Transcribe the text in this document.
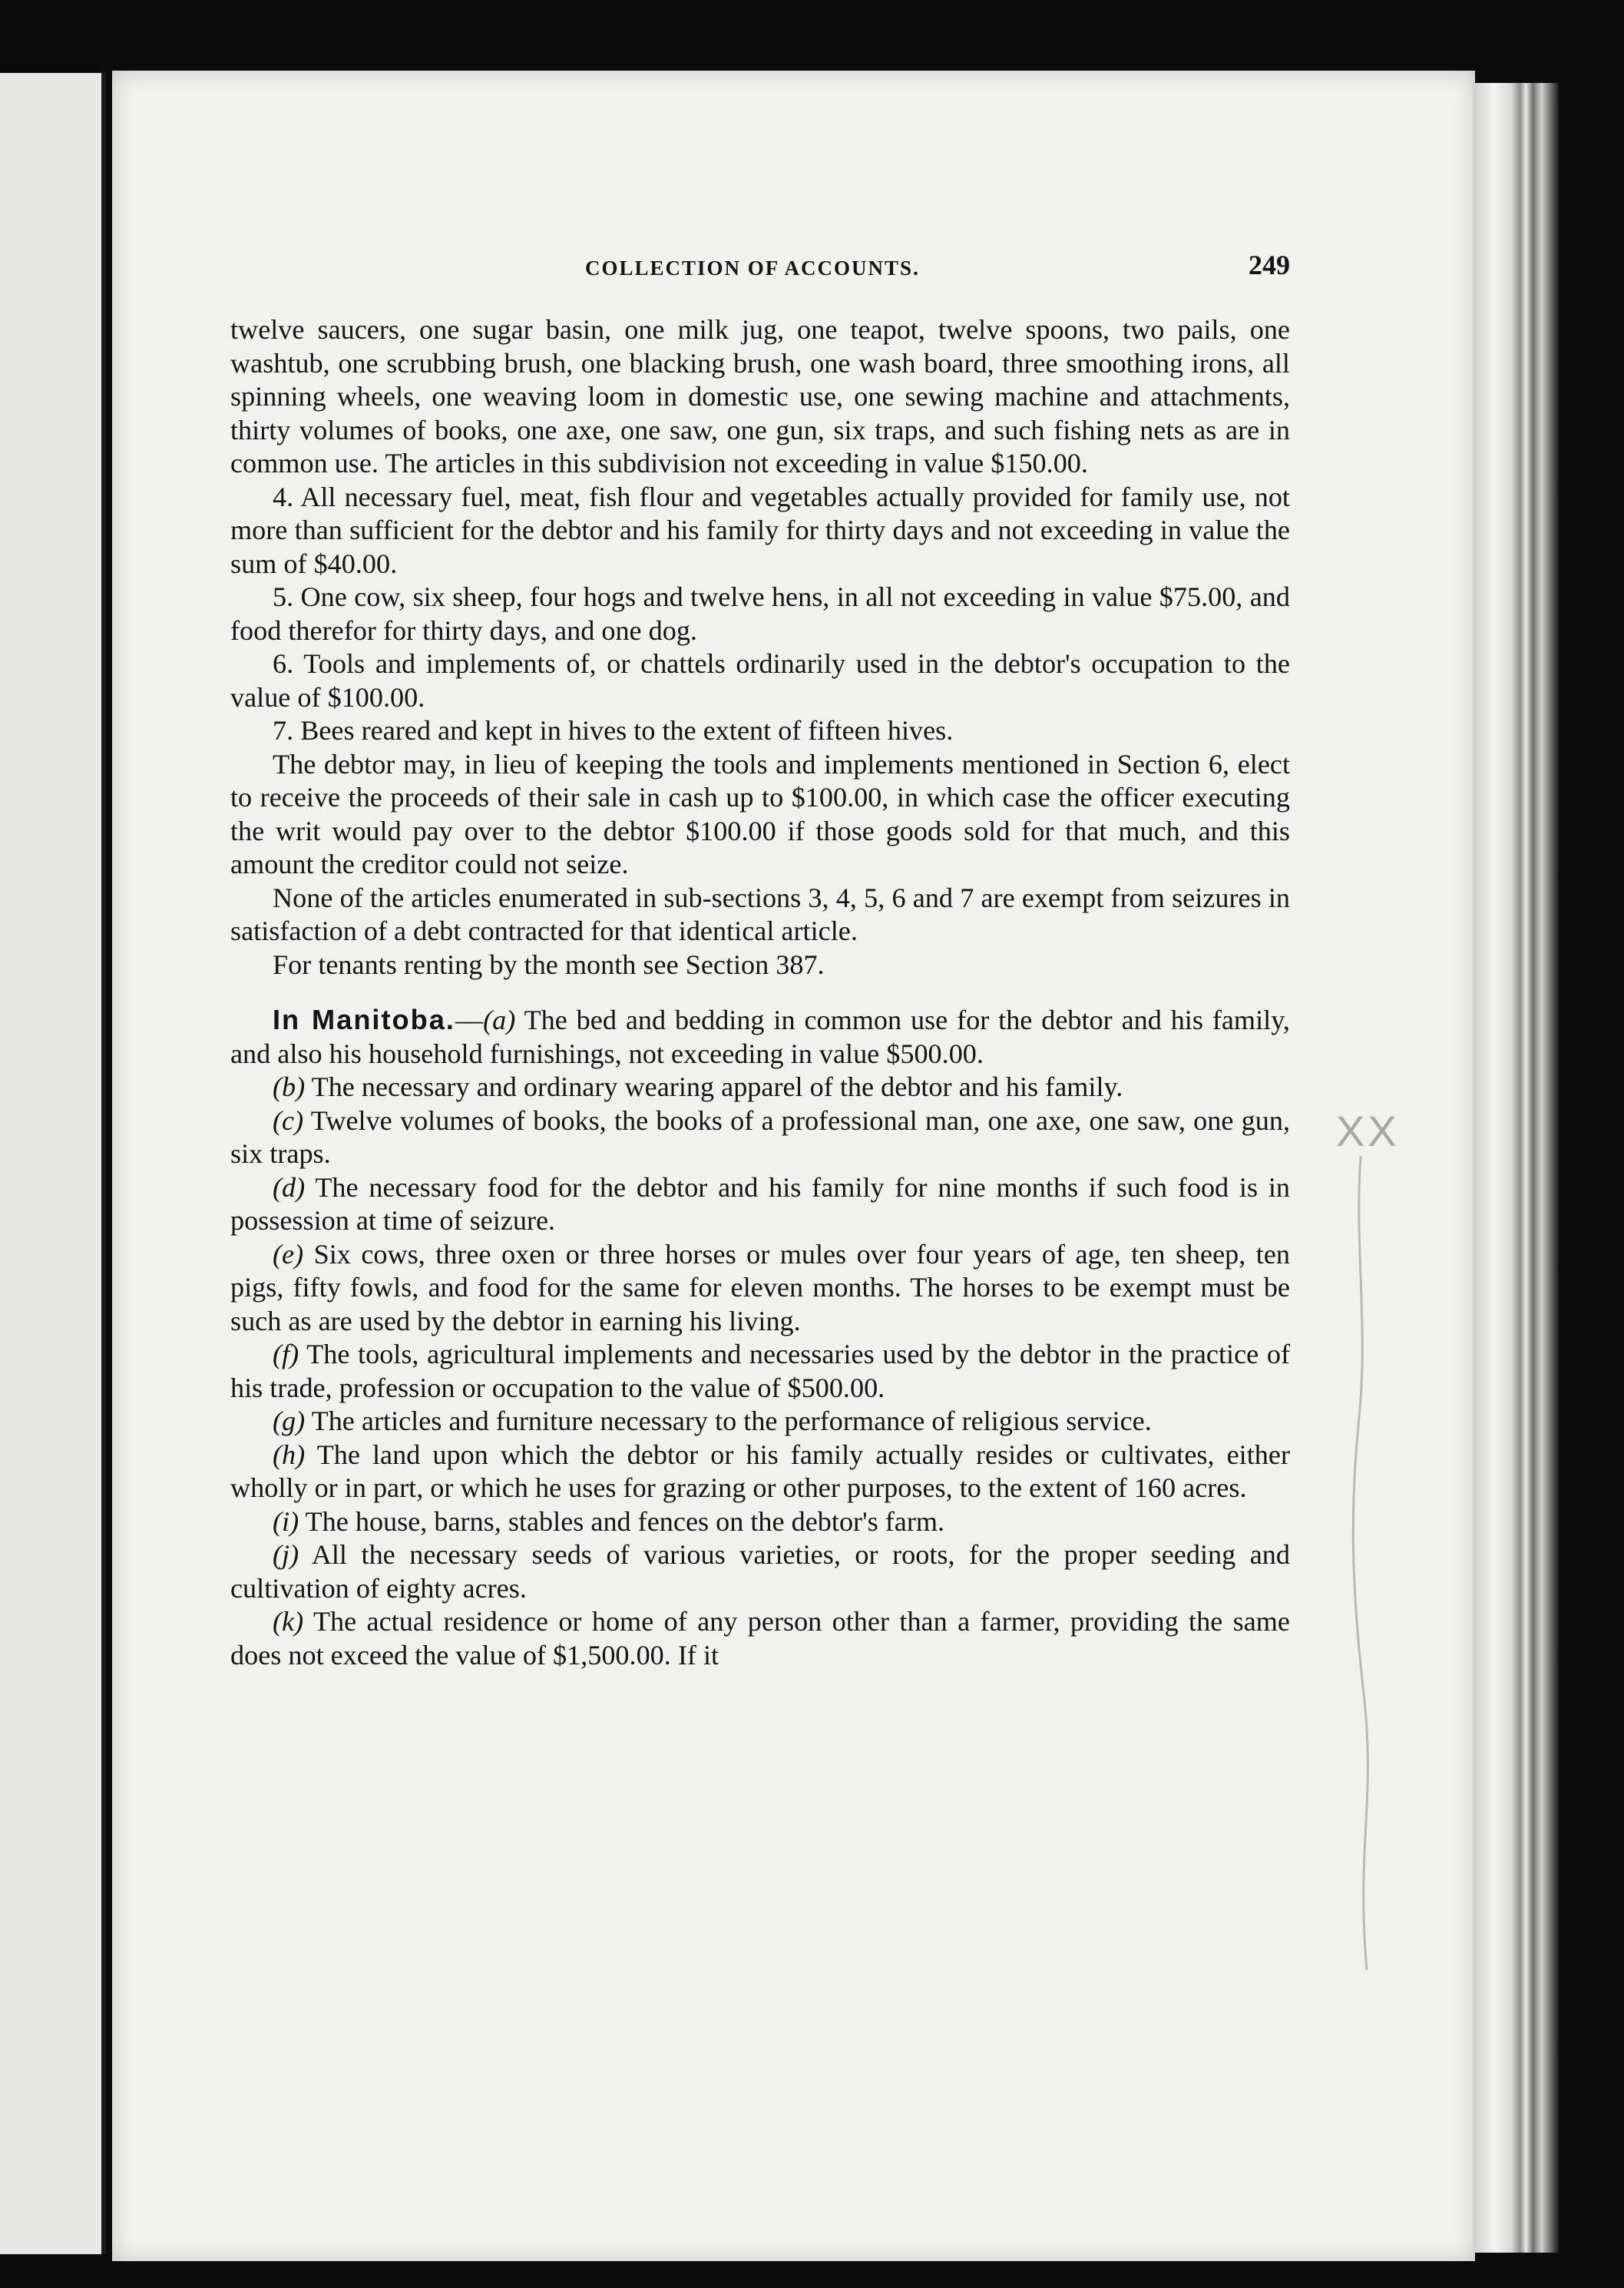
COLLECTION OF ACCOUNTS.	249

twelve saucers, one sugar basin, one milk jug, one teapot, twelve spoons, two pails, one washtub, one scrubbing brush, one blacking brush, one wash board, three smoothing irons, all spinning wheels, one weaving loom in domestic use, one sewing machine and attachments, thirty volumes of books, one axe, one saw, one gun, six traps, and such fishing nets as are in common use. The articles in this subdivision not exceeding in value $150.00.

4. All necessary fuel, meat, fish flour and vegetables actually provided for family use, not more than sufficient for the debtor and his family for thirty days and not exceeding in value the sum of $40.00.

5. One cow, six sheep, four hogs and twelve hens, in all not exceeding in value $75.00, and food therefor for thirty days, and one dog.

6. Tools and implements of, or chattels ordinarily used in the debtor's occupation to the value of $100.00.

7. Bees reared and kept in hives to the extent of fifteen hives.

The debtor may, in lieu of keeping the tools and implements mentioned in Section 6, elect to receive the proceeds of their sale in cash up to $100.00, in which case the officer executing the writ would pay over to the debtor $100.00 if those goods sold for that much, and this amount the creditor could not seize.

None of the articles enumerated in sub-sections 3, 4, 5, 6 and 7 are exempt from seizures in satisfaction of a debt contracted for that identical article.

For tenants renting by the month see Section 387.

In Manitoba.—(a) The bed and bedding in common use for the debtor and his family, and also his household furnishings, not exceeding in value $500.00.

(b) The necessary and ordinary wearing apparel of the debtor and his family.

(c) Twelve volumes of books, the books of a professional man, one axe, one saw, one gun, six traps.

(d) The necessary food for the debtor and his family for nine months if such food is in possession at time of seizure.

(e) Six cows, three oxen or three horses or mules over four years of age, ten sheep, ten pigs, fifty fowls, and food for the same for eleven months. The horses to be exempt must be such as are used by the debtor in earning his living.

(f) The tools, agricultural implements and necessaries used by the debtor in the practice of his trade, profession or occupation to the value of $500.00.

(g) The articles and furniture necessary to the performance of religious service.

(h) The land upon which the debtor or his family actually resides or cultivates, either wholly or in part, or which he uses for grazing or other purposes, to the extent of 160 acres.

(i) The house, barns, stables and fences on the debtor's farm.

(j) All the necessary seeds of various varieties, or roots, for the proper seeding and cultivation of eighty acres.

(k) The actual residence or home of any person other than a farmer, providing the same does not exceed the value of $1,500.00. If it

XX
